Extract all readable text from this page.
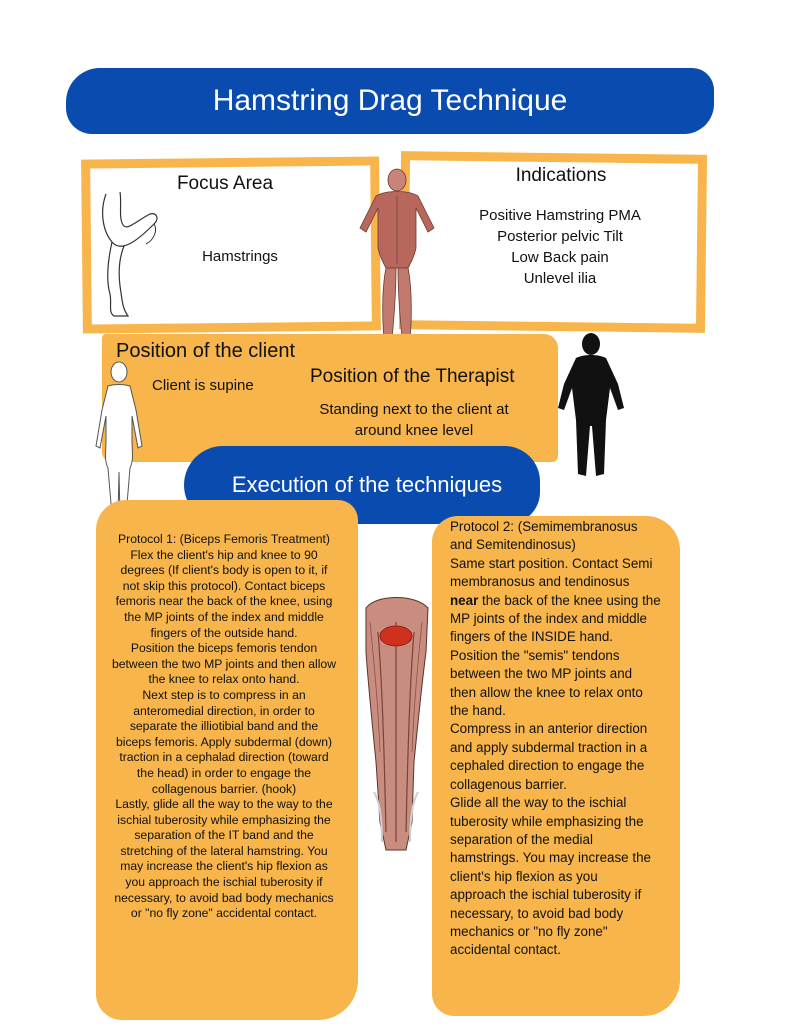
Hamstring Drag Technique
Focus Area
Hamstrings
Indications
Positive Hamstring PMA
Posterior pelvic Tilt
Low Back pain
Unlevel ilia
Position of the client
Client is supine	Position of the Therapist
Standing next to the client at
around knee level
Execution of the techniques
Protocol 1: (Biceps Femoris Treatment)
Flex the client's hip and knee to 90
degrees (If client's body is open to it, if
not skip this protocol). Contact biceps
femoris near the back of the knee, using
the MP joints of the index and middle
fingers of the outside hand.
Position the biceps femoris tendon
between the two MP joints and then allow
the knee to relax onto hand.
Next step is to compress in an
anteromedial direction, in order to
separate the illiotibial band and the
biceps femoris. Apply subdermal (down)
traction in a cephalad direction (toward
the head) in order to engage the
collagenous barrier. (hook)
Lastly, glide all the way to the way to the
ischial tuberosity while emphasizing the
separation of the IT band and the
stretching of the lateral hamstring. You
may increase the client's hip flexion as
you approach the ischial tuberosity if
necessary, to avoid bad body mechanics
or "no fly zone" accidental contact.
Protocol 2: (Semimembranosus
and Semitendinosus)
Same start position. Contact Semi
membranosus and tendinosus
near the back of the knee using the
MP joints of the index and middle
fingers of the INSIDE hand.
Position the "semis" tendons
between the two MP joints and
then allow the knee to relax onto
the hand.
Compress in an anterior direction
and apply subdermal traction in a
cephaled direction to engage the
collagenous barrier.
Glide all the way to the ischial
tuberosity while emphasizing the
separation of the medial
hamstrings. You may increase the
client's hip flexion as you
approach the ischial tuberosity if
necessary, to avoid bad body
mechanics or "no fly zone"
accidental contact.
